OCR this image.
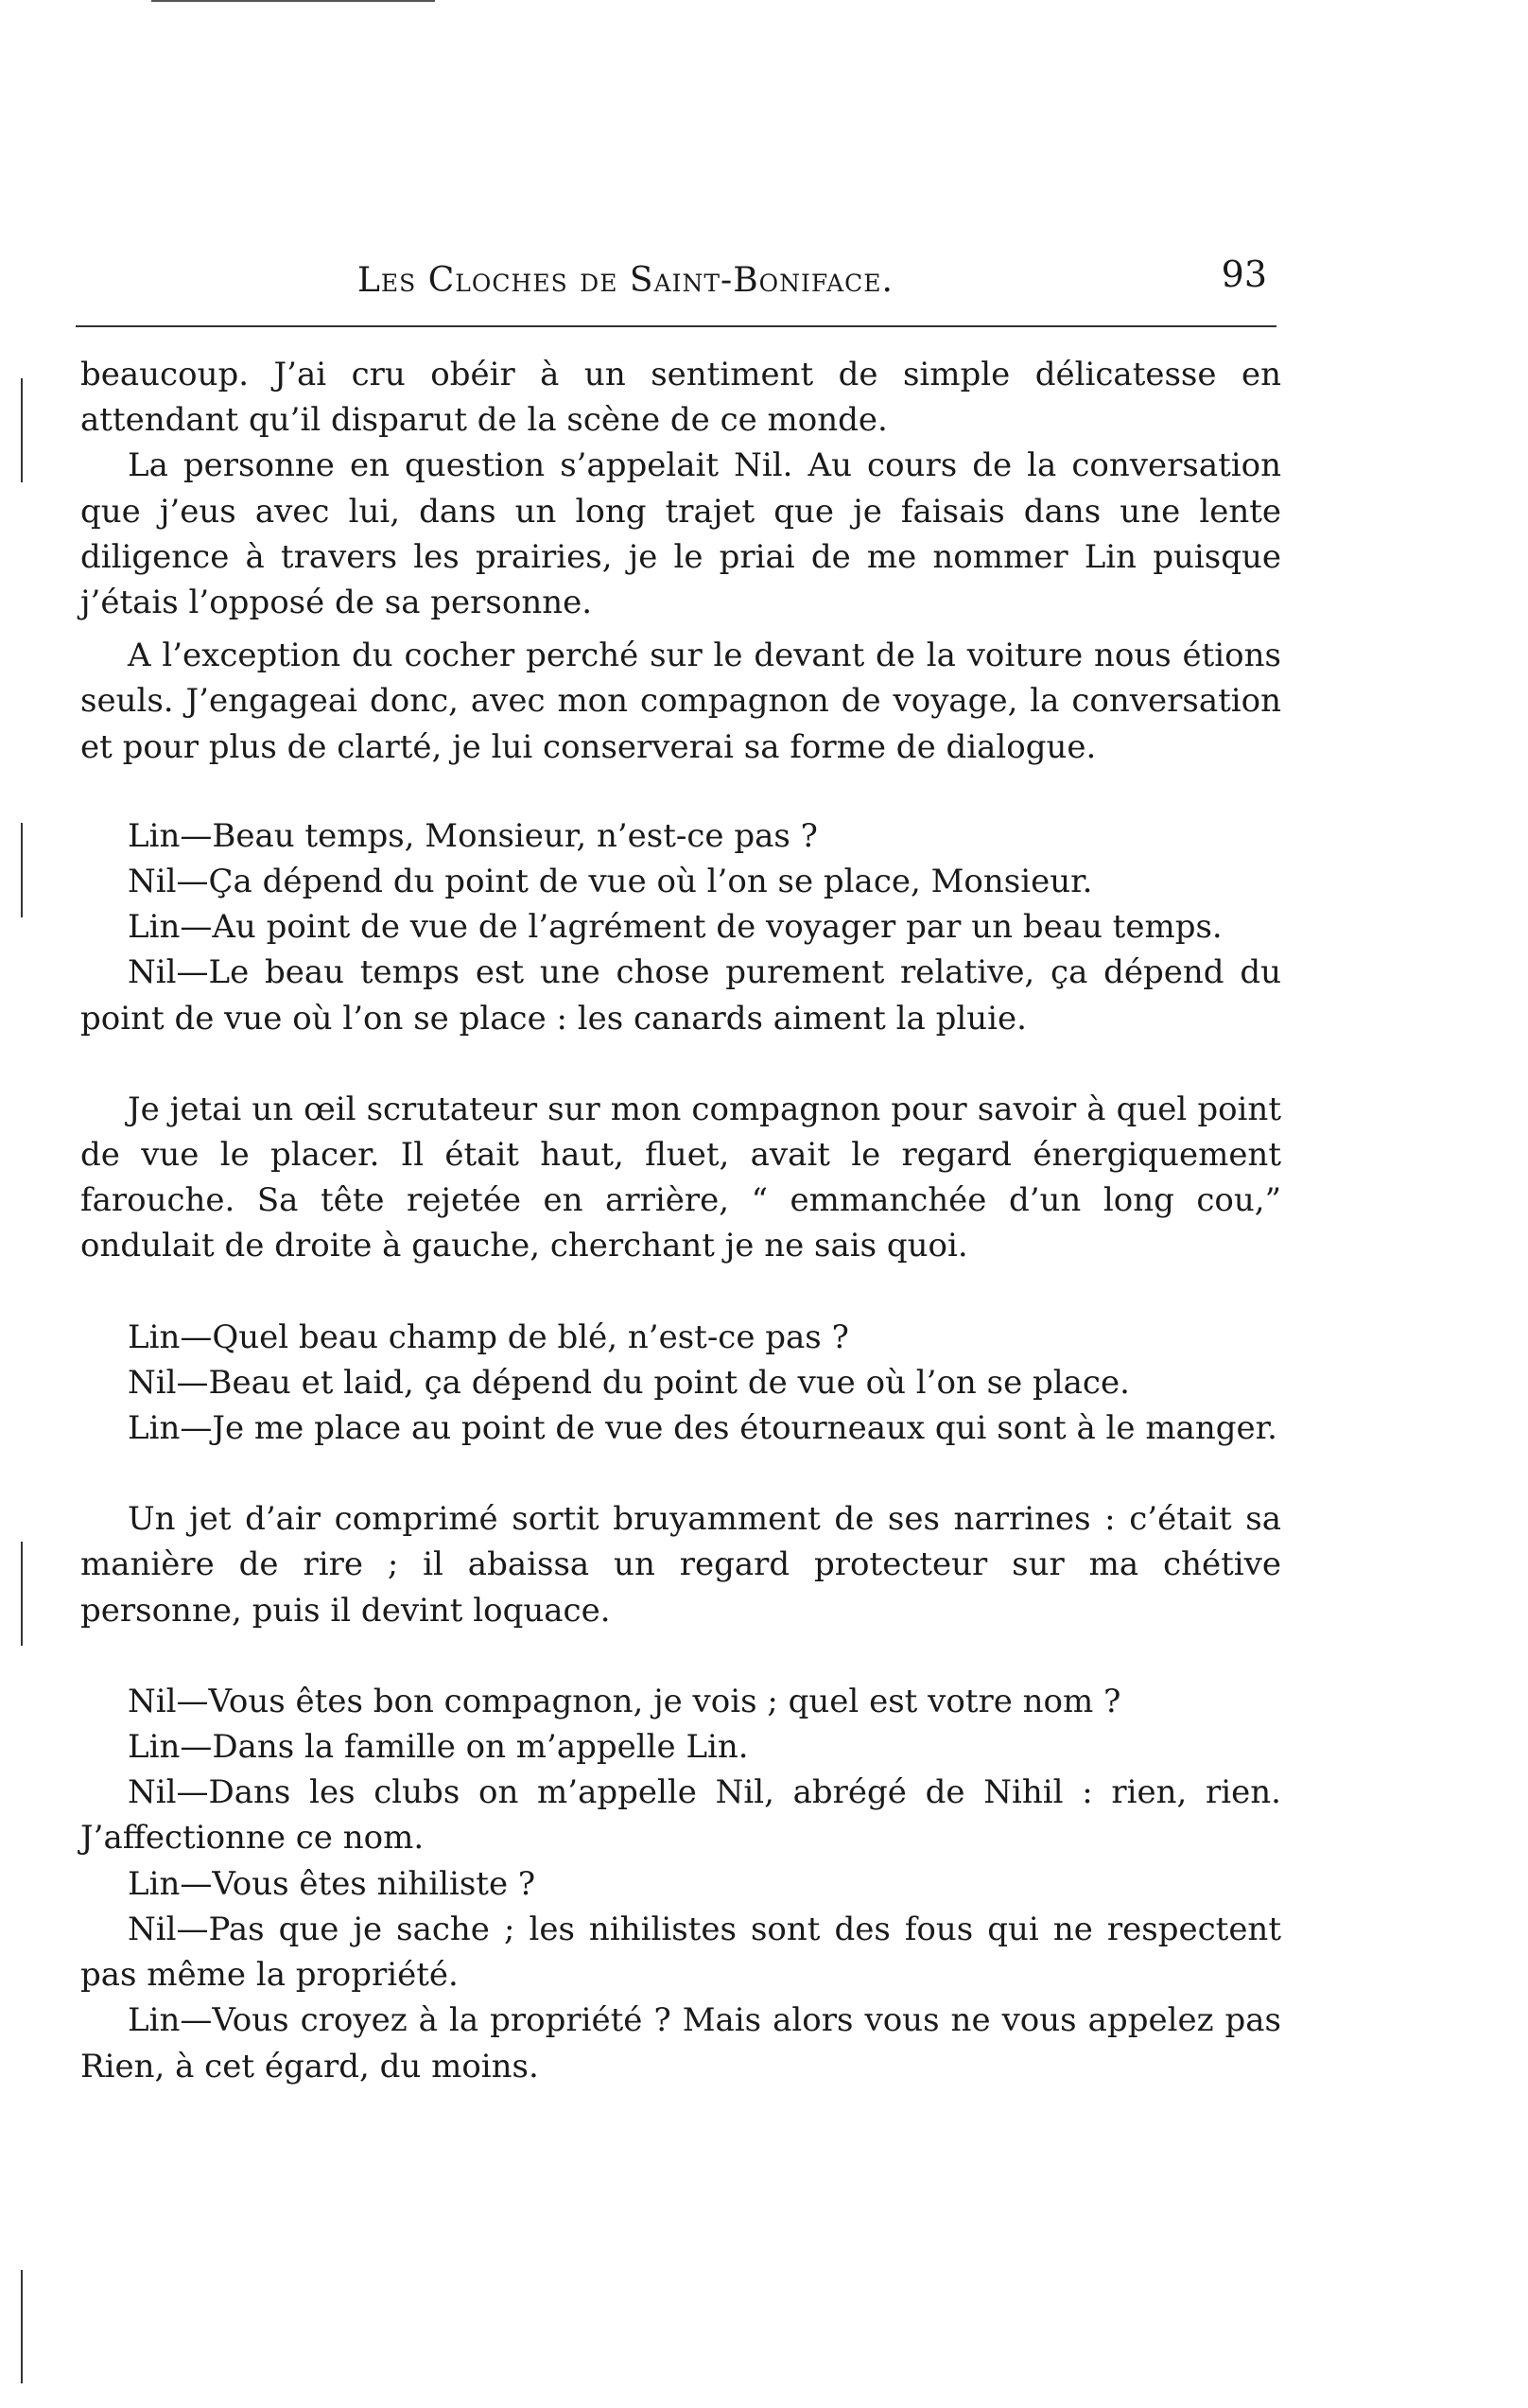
Les Cloches de Saint-Boniface.	93

beaucoup. J’ai cru obéir à un sentiment de simple délicatesse en attendant qu’il disparut de la scène de ce monde.

La personne en question s’appelait Nil. Au cours de la conversation que j’eus avec lui, dans un long trajet que je faisais dans une lente diligence à travers les prairies, je le priai de me nommer Lin puisque j’étais l’opposé de sa personne.

A l’exception du cocher perché sur le devant de la voiture nous étions seuls. J’engageai donc, avec mon compagnon de voyage, la conversation et pour plus de clarté, je lui conserverai sa forme de dialogue.

Lin—Beau temps, Monsieur, n’est-ce pas ?

Nil—Ça dépend du point de vue où l’on se place, Monsieur.

Lin—Au point de vue de l’agrément de voyager par un beau temps.

Nil—Le beau temps est une chose purement relative, ça dépend du point de vue où l’on se place : les canards aiment la pluie.

Je jetai un œil scrutateur sur mon compagnon pour savoir à quel point de vue le placer. Il était haut, fluet, avait le regard énergiquement farouche. Sa tête rejetée en arrière, “ emmanchée d’un long cou,” ondulait de droite à gauche, cherchant je ne sais quoi.

Lin—Quel beau champ de blé, n’est-ce pas ?

Nil—Beau et laid, ça dépend du point de vue où l’on se place.

Lin—Je me place au point de vue des étourneaux qui sont à le manger.

Un jet d’air comprimé sortit bruyamment de ses narrines : c’était sa manière de rire ; il abaissa un regard protecteur sur ma chétive personne, puis il devint loquace.

Nil—Vous êtes bon compagnon, je vois ; quel est votre nom ?

Lin—Dans la famille on m’appelle Lin.

Nil—Dans les clubs on m’appelle Nil, abrégé de Nihil : rien, rien. J’affectionne ce nom.

Lin—Vous êtes nihiliste ?

Nil—Pas que je sache ; les nihilistes sont des fous qui ne respectent pas même la propriété.

Lin—Vous croyez à la propriété ? Mais alors vous ne vous appelez pas Rien, à cet égard, du moins.
